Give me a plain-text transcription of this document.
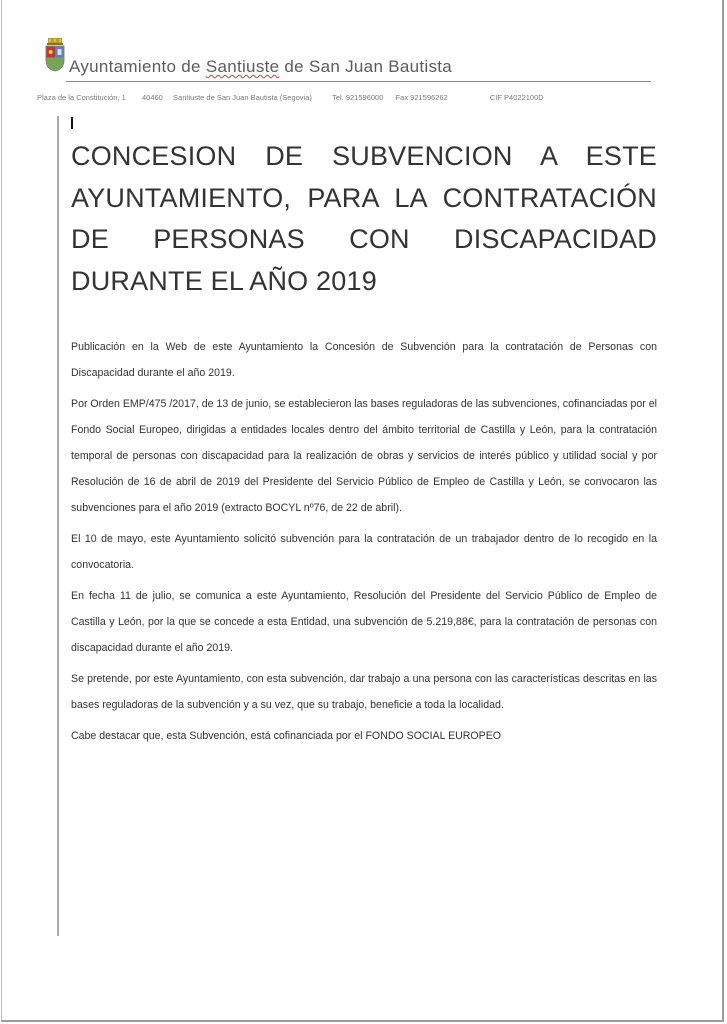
Ayuntamiento de Santiuste de San Juan Bautista
Plaza de la Constitución, 1 40460 Santiuste de San Juan Bautista (Segovia)	Tel. 921596000 Fax 921596262	CIF P4022100D
CONCESION DE SUBVENCION A ESTE AYUNTAMIENTO, PARA LA CONTRATACIÓN DE PERSONAS CON DISCAPACIDAD DURANTE EL AÑO 2019

Publicación en la Web de este Ayuntamiento la Concesión de Subvención para la contratación de Personas con Discapacidad durante el año 2019.

Por Orden EMP/475 /2017, de 13 de junio, se establecieron las bases reguladoras de las subvenciones, cofinanciadas por el Fondo Social Europeo, dirigidas a entidades locales dentro del ámbito territorial de Castilla y León, para la contratación temporal de personas con discapacidad para la realización de obras y servicios de interés público y utilidad social y por Resolución de 16 de abril de 2019 del Presidente del Servicio Público de Empleo de Castilla y León, se convocaron las subvenciones para el año 2019 (extracto BOCYL nº76, de 22 de abril).

El 10 de mayo, este Ayuntamiento solicitó subvención para la contratación de un trabajador dentro de lo recogido en la convocatoria.

En fecha 11 de julio, se comunica a este Ayuntamiento, Resolución del Presidente del Servicio Público de Empleo de Castilla y León, por la que se concede a esta Entidad, una subvención de 5.219,88€, para la contratación de personas con discapacidad durante el año 2019.

Se pretende, por este Ayuntamiento, con esta subvención, dar trabajo a una persona con las características descritas en las bases reguladoras de la subvención y a su vez, que su trabajo, beneficie a toda la localidad.

Cabe destacar que, esta Subvención, está cofinanciada por el FONDO SOCIAL EUROPEO
